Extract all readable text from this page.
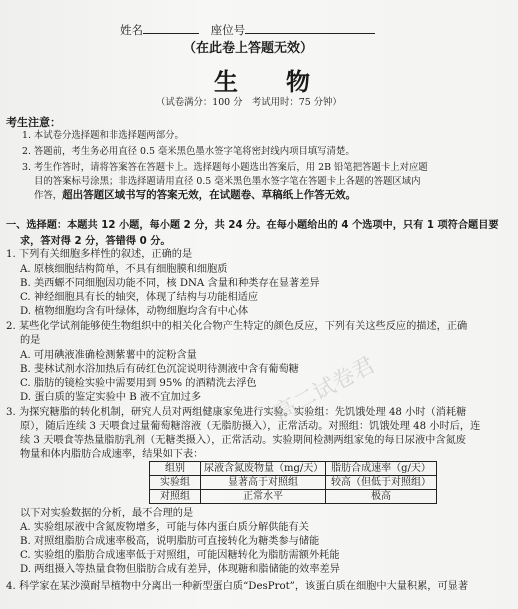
姓名	座位号
（在此卷上答题无效）
生　　物
（试卷满分：100 分　考试用时：75 分钟）
考生注意：
1. 本试卷分选择题和非选择题两部分。
2. 答题前，考生务必用直径 0.5 毫米黑色墨水签字笔将密封线内项目填写清楚。
3. 考生作答时，请将答案答在答题卡上。选择题每小题选出答案后，用 2B 铅笔把答题卡上对应题
目的答案标号涂黑；非选择题请用直径 0.5 毫米黑色墨水签字笔在答题卡上各题的答题区域内
作答，超出答题区域书写的答案无效，在试题卷、草稿纸上作答无效。
一、选择题：本题共 12 小题，每小题 2 分，共 24 分。在每小题给出的 4 个选项中，只有 1 项符合题目要
求，答对得 2 分，答错得 0 分。
1. 下列有关细胞多样性的叙述，正确的是
A. 原核细胞结构简单，不具有细胞膜和细胞质
B. 美西螈不同细胞因功能不同，核 DNA 含量和种类存在显著差异
C. 神经细胞具有长的轴突，体现了结构与功能相适应
D. 植物细胞均含有叶绿体，动物细胞均含有中心体
2. 某些化学试剂能够使生物组织中的相关化合物产生特定的颜色反应，下列有关这些反应的描述，正确
的是
A. 可用碘液准确检测紫薯中的淀粉含量
B. 斐林试剂水浴加热后有砖红色沉淀说明待测液中含有葡萄糖
C. 脂肪的镜检实验中需要用到 95% 的酒精洗去浮色
D. 蛋白质的鉴定实验中 B 液不宜加过多
3. 为探究糖脂的转化机制，研究人员对两组健康家兔进行实验。实验组：先饥饿处理 48 小时（消耗糖
原），随后连续 3 天喂食过量葡萄糖溶液（无脂肪摄入），正常活动。对照组：饥饿处理 48 小时后，连
组别	尿液含氮废物量（mg/天）	脂肪合成速率（g/天）
实验组	显著高于对照组	较高（但低于对照组）
对照组	正常水平	极高
以下对实验数据的分析，最不合理的是
A. 实验组尿液中含氮废物增多，可能与体内蛋白质分解供能有关
B. 对照组脂肪合成速率极高，说明脂肪可直接转化为糖类参与储能
C. 实验组的脂肪合成速率低于对照组，可能因糖转化为脂肪需额外耗能
D. 两组摄入等热量食物但脂肪合成有差异，体现糖和脂储能的效率差异
4. 科学家在某沙漠耐旱植物中分离出一种新型蛋白质“DesProt”，该蛋白质在细胞中大量积累，可显著
高二试卷君
续 3 天喂食等热量脂肪乳剂（无糖类摄入），正常活动。实验期间检测两组家兔的每日尿液中含氮废
物量和体内脂肪合成速率，结果如下表：
